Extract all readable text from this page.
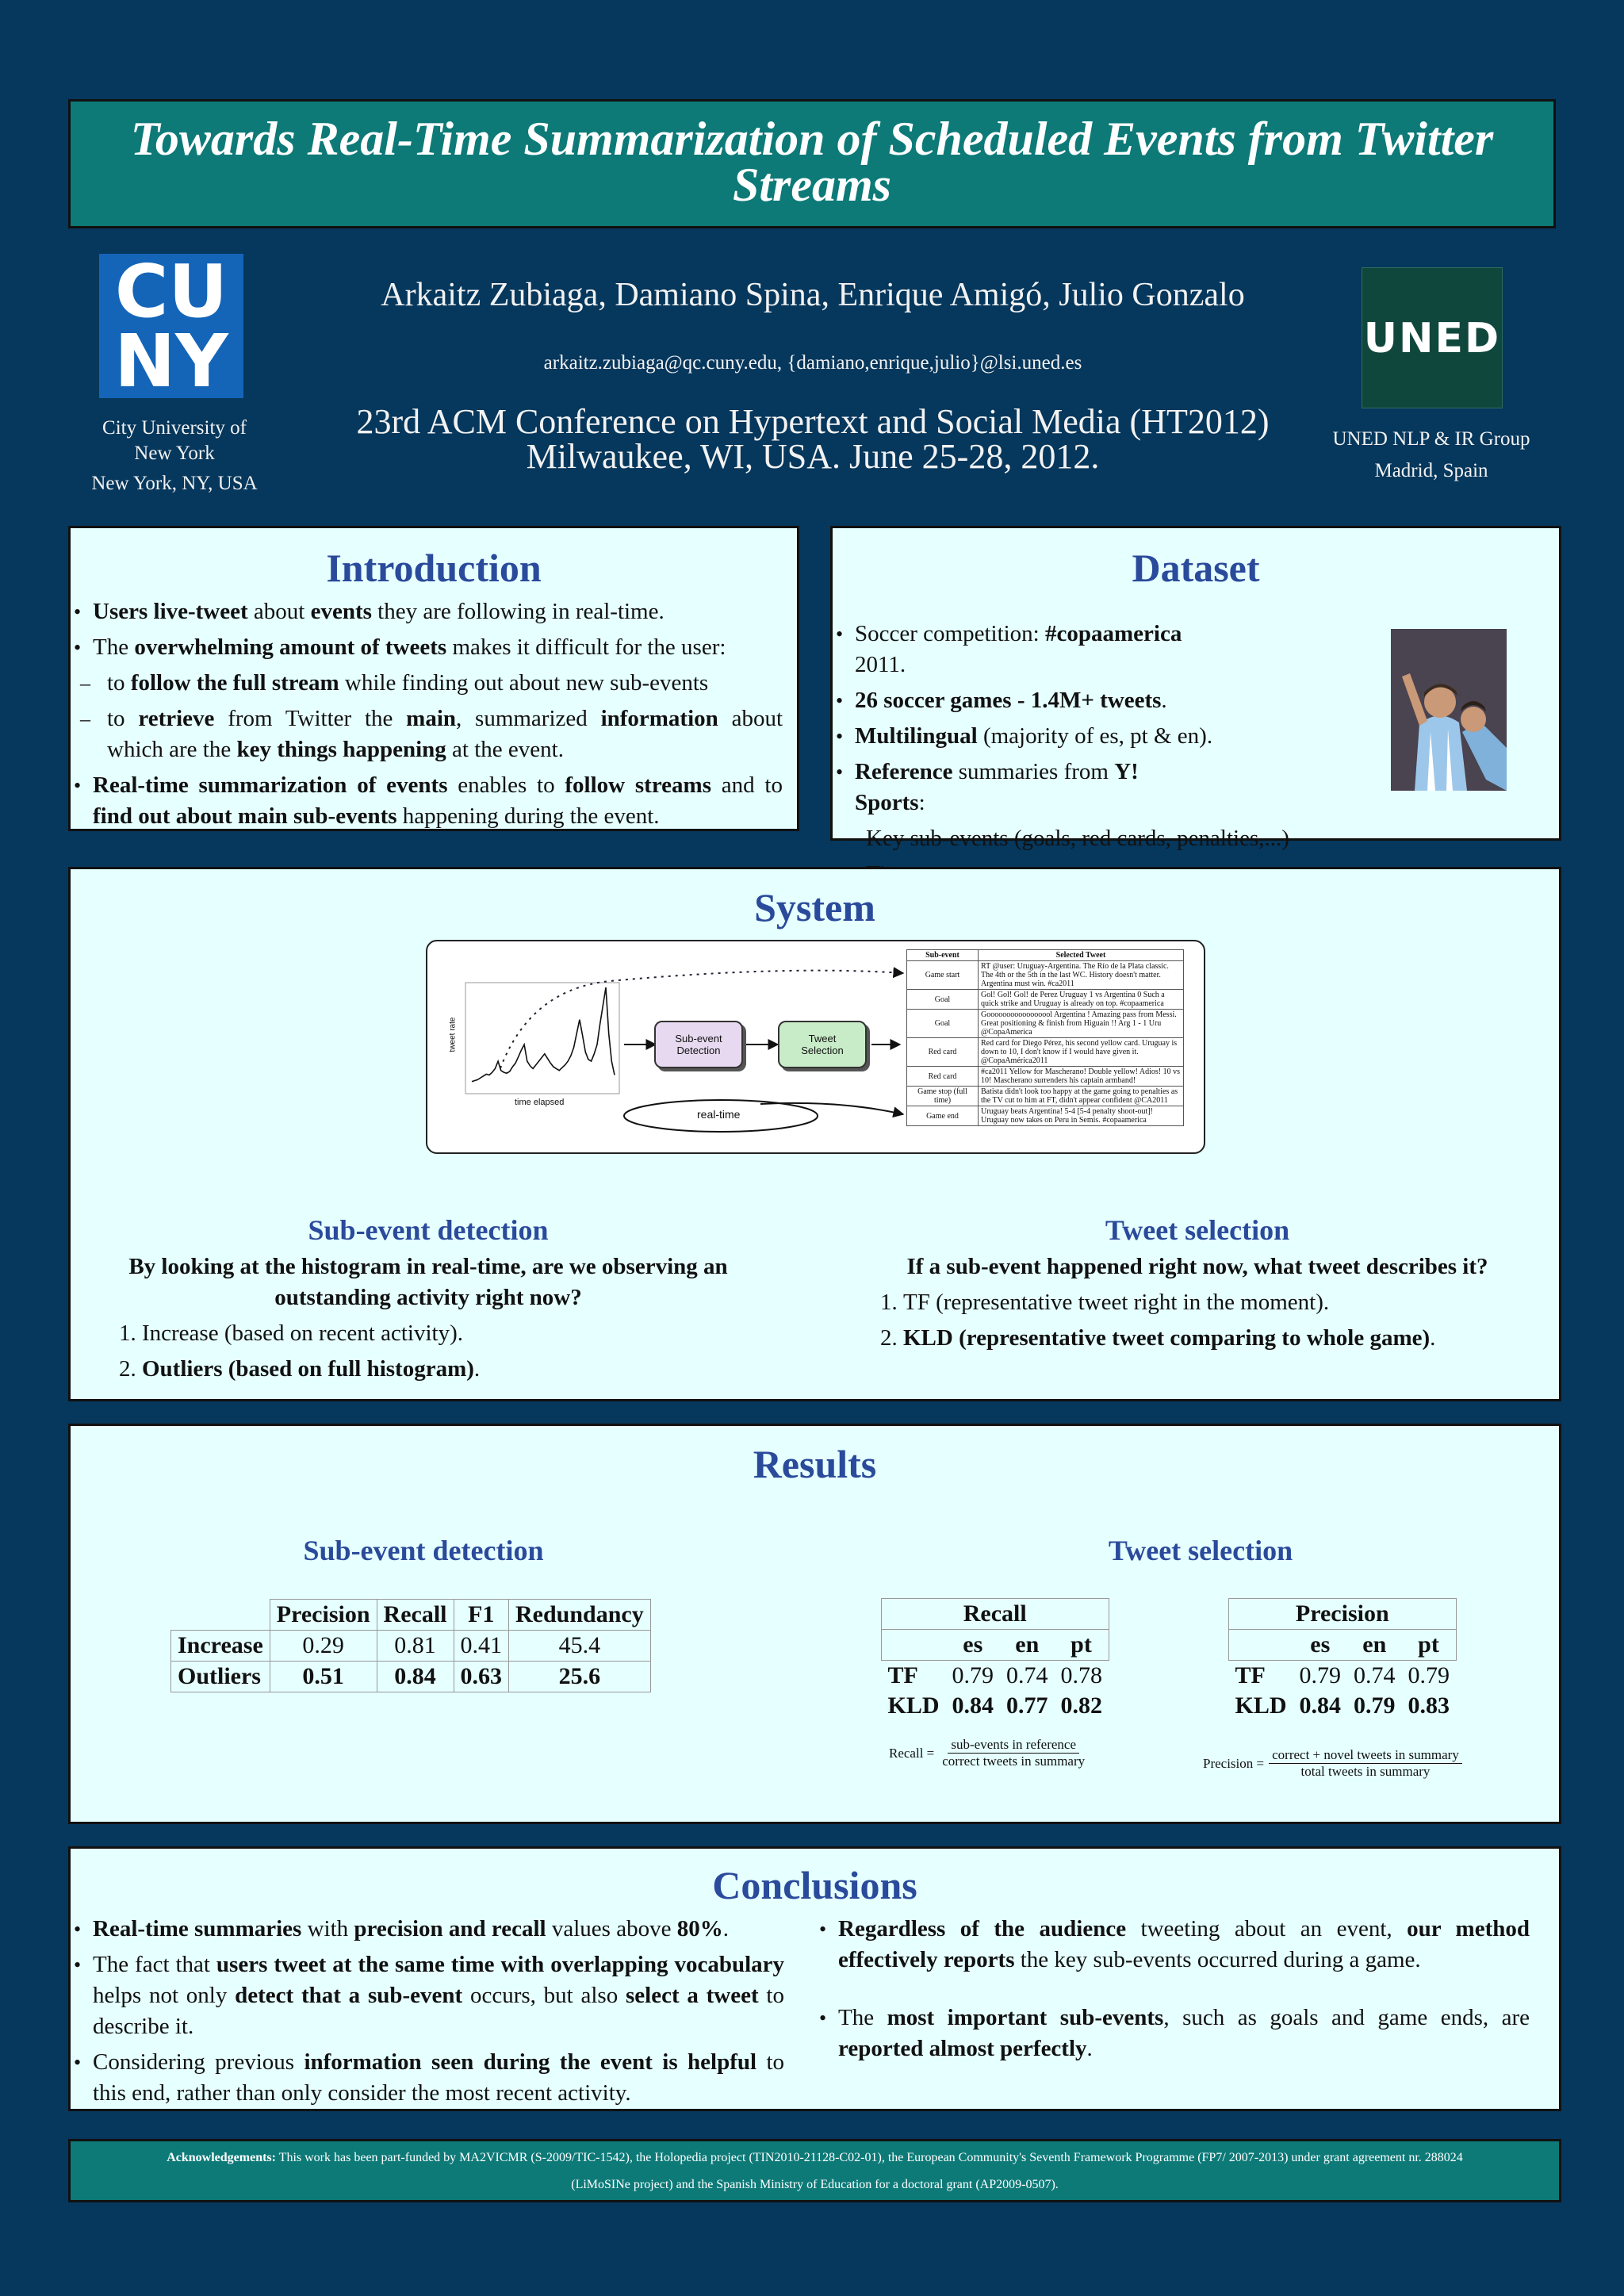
Towards Real-Time Summarization of Scheduled Events from Twitter Streams
CU
NY
City University of
New York
New York, NY, USA
Arkaitz Zubiaga, Damiano Spina, Enrique Amigó, Julio Gonzalo
arkaitz.zubiaga@qc.cuny.edu, {damiano,enrique,julio}@lsi.uned.es
23rd ACM Conference on Hypertext and Social Media (HT2012)
Milwaukee, WI, USA. June 25-28, 2012.
UNED
UNED NLP & IR Group
Madrid, Spain
Introduction
• Users live-tweet about events they are following in real-time.
• The overwhelming amount of tweets makes it difficult for the user:
– to follow the full stream while finding out about new sub-events
– to retrieve from Twitter the main, summarized information about which are the key things happening at the event.
• Real-time summarization of events enables to follow streams and to find out about main sub-events happening during the event.
Dataset
• Soccer competition: #copaamerica 2011.
• 26 soccer games - 1.4M+ tweets.
• Multilingual (majority of es, pt & en).
• Reference summaries from Y! Sports:
– Key sub-events (goals, red cards, penalties,...)
–
System
tweet rate
time elapsed
Sub-event Detection
Tweet Selection
real-time
Sub-event	Selected Tweet
Game start	RT @user: Uruguay-Argentina. The Río de la Plata classic. The 4th or the 5th in the last WC. History doesn't matter. Argentina must win. #ca2011
Goal	Gol! Gol! Gol! de Perez Uruguay 1 vs Argentina 0 Such a quick strike and Uruguay is already on top. #copaamerica
Goal	Gooooooooooooooool Argentina ! Amazing pass from Messi. Great positioning & finish from Higuain !! Arg 1 - 1 Uru @CopaAmerica
Red card	Red card for Diego Pérez, his second yellow card. Uruguay is down to 10, I don't know if I would have given it. @CopaAmérica2011
Red card	#ca2011 Yellow for Mascherano! Double yellow! Adios! 10 vs 10! Mascherano surrenders his captain armband!
Game stop (full time)	Batista didn't look too happy at the game going to penalties as the TV cut to him at FT, didn't appear confident @CA2011
Game end	Uruguay beats Argentina! 5-4 [5-4 penalty shoot-out]! Uruguay now takes on Peru in Semis. #copaamerica
Sub-event detection
By looking at the histogram in real-time, are we observing an outstanding activity right now?
1. Increase (based on recent activity).
2. Outliers (based on full histogram).
Tweet selection
If a sub-event happened right now, what tweet describes it?
1. TF (representative tweet right in the moment).
2. KLD (representative tweet comparing to whole game).
Results
Sub-event detection
	Precision	Recall	F1	Redundancy
Increase	0.29	0.81	0.41	45.4
Outliers	0.51	0.84	0.63	25.6
Tweet selection
Recall			
	es	en	pt
TF	0.79	0.74	0.78
KLD	0.84	0.77	0.82
Precision			
	es	en	pt
TF	0.79	0.74	0.79
KLD	0.84	0.79	0.83
Recall = $\frac{\text{sub-events in reference}}{\text{correct tweets in summary}}$	Precision = $\frac{\text{correct + novel tweets in summary}}{\text{total tweets in summary}}$
Conclusions
• Real-time summaries with precision and recall values above 80%.
• The fact that users tweet at the same time with overlapping vocabulary helps not only detect that a sub-event occurs, but also select a tweet to describe it.
• Considering previous information seen during the event is helpful to this end, rather than only consider the most recent activity.
• Regardless of the audience tweeting about an event, our method effectively reports the key sub-events occurred during a game.
• The most important sub-events, such as goals and game ends, are reported almost perfectly.
Acknowledgements: This work has been part-funded by MA2VICMR (S-2009/TIC-1542), the Holopedia project (TIN2010-21128-C02-01), the European Community's Seventh Framework Programme (FP7/ 2007-2013) under grant agreement nr. 288024
(LiMoSINe project) and the Spanish Ministry of Education for a doctoral grant (AP2009-0507).
